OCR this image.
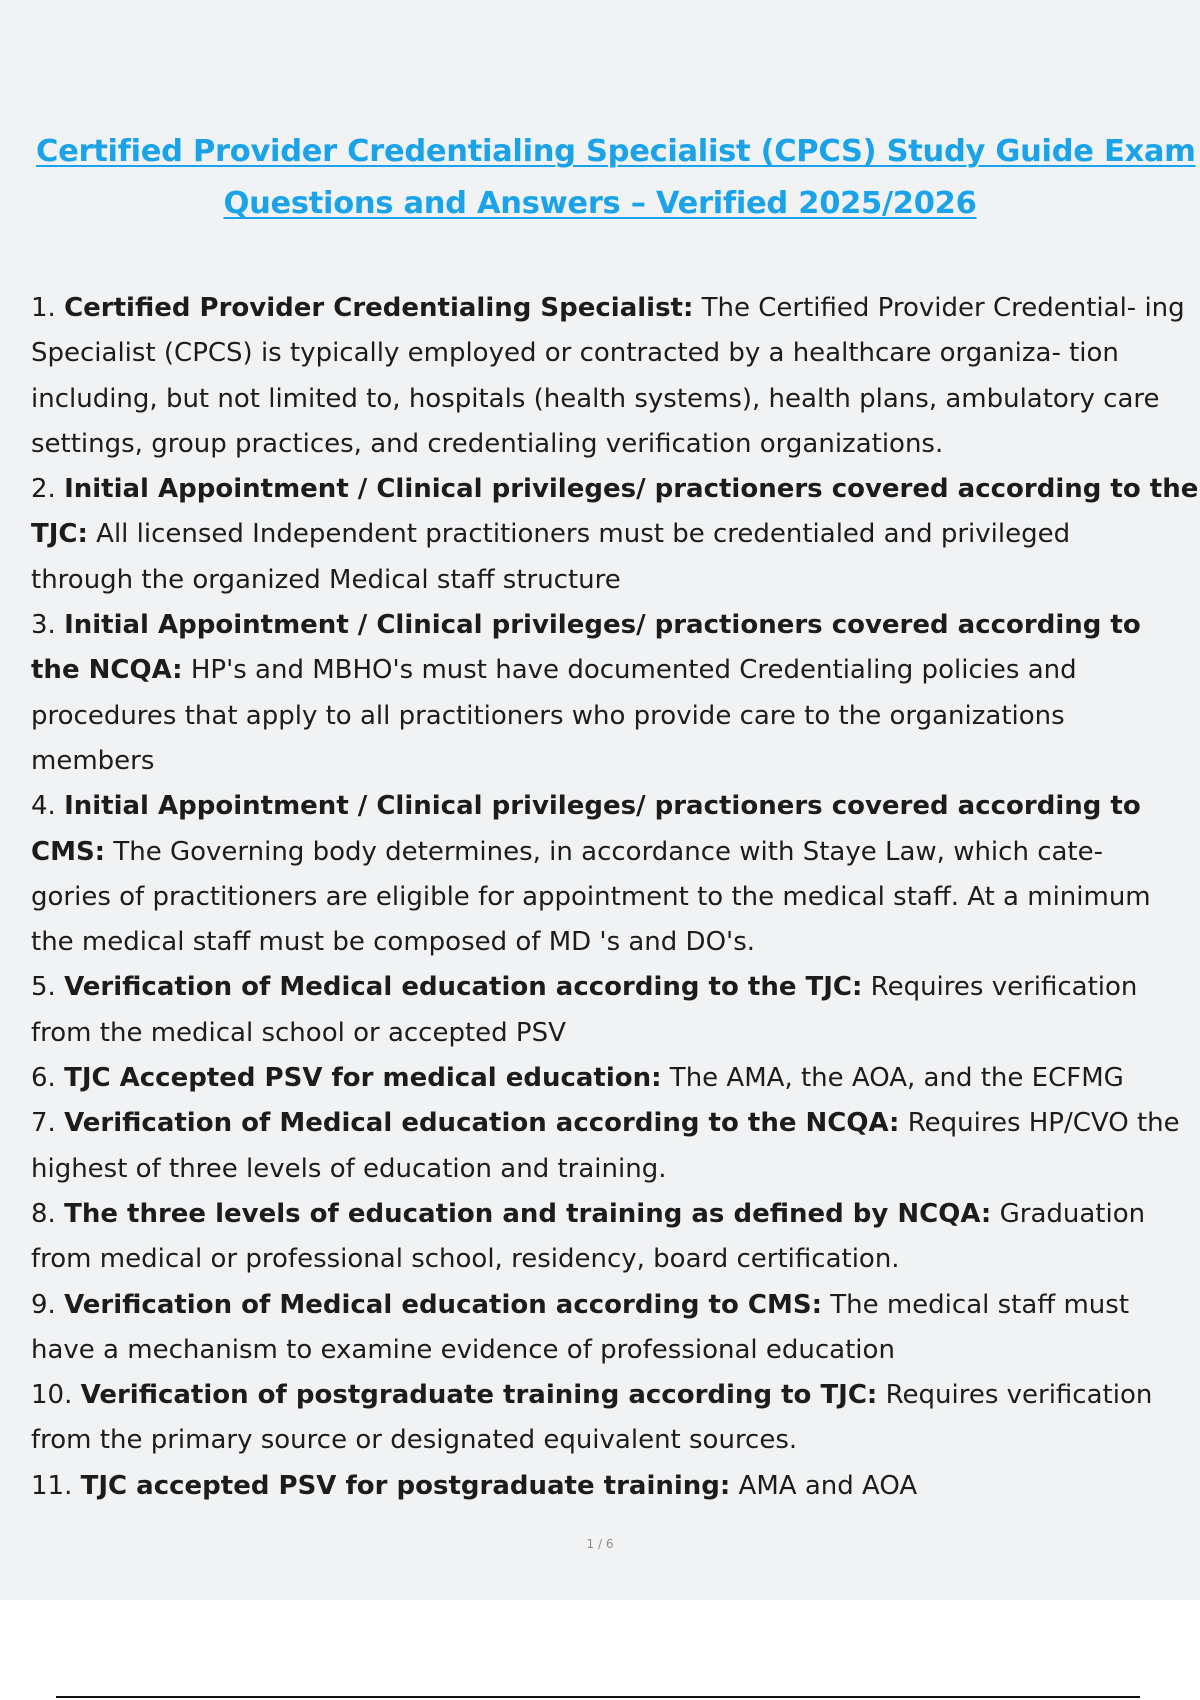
Certified Provider Credentialing Specialist (CPCS) Study Guide Exam
Questions and Answers – Verified 2025/2026
1. Certified Provider Credentialing Specialist: The Certified Provider Credential- ing
Specialist (CPCS) is typically employed or contracted by a healthcare organiza- tion
including, but not limited to, hospitals (health systems), health plans, ambulatory care
settings, group practices, and credentialing verification organizations.
2. Initial Appointment / Clinical privileges/ practioners covered according to the
TJC: All licensed Independent practitioners must be credentialed and privileged
through the organized Medical staff structure
3. Initial Appointment / Clinical privileges/ practioners covered according to
the NCQA: HP's and MBHO's must have documented Credentialing policies and
procedures that apply to all practitioners who provide care to the organizations
members
4. Initial Appointment / Clinical privileges/ practioners covered according to
CMS: The Governing body determines, in accordance with Staye Law, which cate-
gories of practitioners are eligible for appointment to the medical staff. At a minimum
the medical staff must be composed of MD 's and DO's.
5. Verification of Medical education according to the TJC: Requires verification
from the medical school or accepted PSV
6. TJC Accepted PSV for medical education: The AMA, the AOA, and the ECFMG
7. Verification of Medical education according to the NCQA: Requires HP/CVO the
highest of three levels of education and training.
8. The three levels of education and training as defined by NCQA: Graduation
from medical or professional school, residency, board certification.
9. Verification of Medical education according to CMS: The medical staff must
have a mechanism to examine evidence of professional education
10. Verification of postgraduate training according to TJC: Requires verification
from the primary source or designated equivalent sources.
11. TJC accepted PSV for postgraduate training: AMA and AOA
1 / 6
